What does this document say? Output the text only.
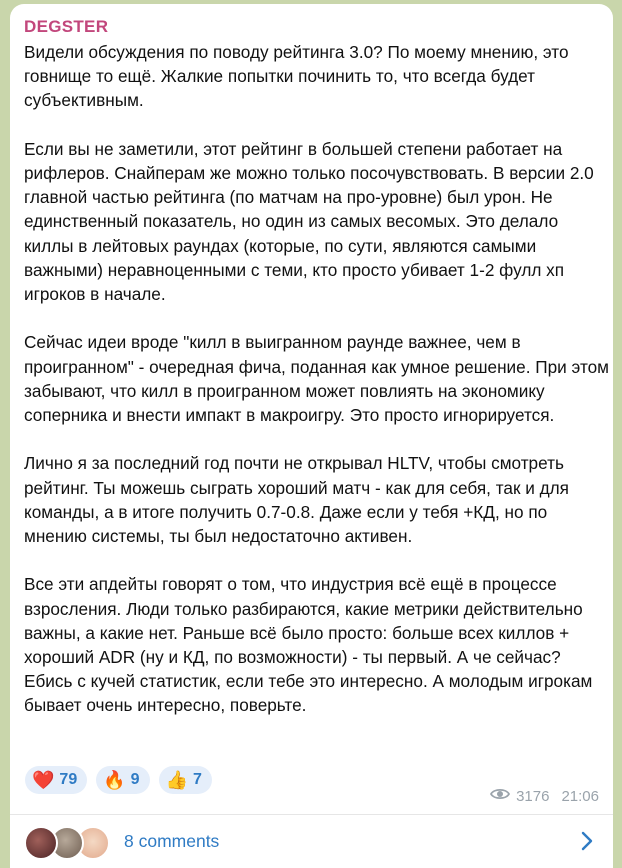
DEGSTER

Видели обсуждения по поводу рейтинга 3.0? По моему мнению, это говнище то ещё. Жалкие попытки починить то, что всегда будет субъективным.

Если вы не заметили, этот рейтинг в большей степени работает на рифлеров. Снайперам же можно только посочувствовать. В версии 2.0 главной частью рейтинга (по матчам на про-уровне) был урон. Не единственный показатель, но один из самых весомых. Это делало киллы в лейтовых раундах (которые, по сути, являются самыми важными) неравноценными с теми, кто просто убивает 1-2 фулл хп игроков в начале.

Сейчас идеи вроде "килл в выигранном раунде важнее, чем в проигранном" - очередная фича, поданная как умное решение. При этом забывают, что килл в проигранном может повлиять на экономику соперника и внести импакт в макроигру. Это просто игнорируется.

Лично я за последний год почти не открывал HLTV, чтобы смотреть рейтинг. Ты можешь сыграть хороший матч - как для себя, так и для команды, а в итоге получить 0.7-0.8. Даже если у тебя +КД, но по мнению системы, ты был недостаточно активен.

Все эти апдейты говорят о том, что индустрия всё ещё в процессе взросления. Люди только разбираются, какие метрики действительно важны, а какие нет. Раньше всё было просто: больше всех киллов + хороший ADR (ну и КД, по возможности) - ты первый. А че сейчас? Ебись с кучей статистик, если тебе это интересно. А молодым игрокам бывает очень интересно, поверьте.

❤️ 79 🔥 9 👍 7
3176 21:06
8 comments
